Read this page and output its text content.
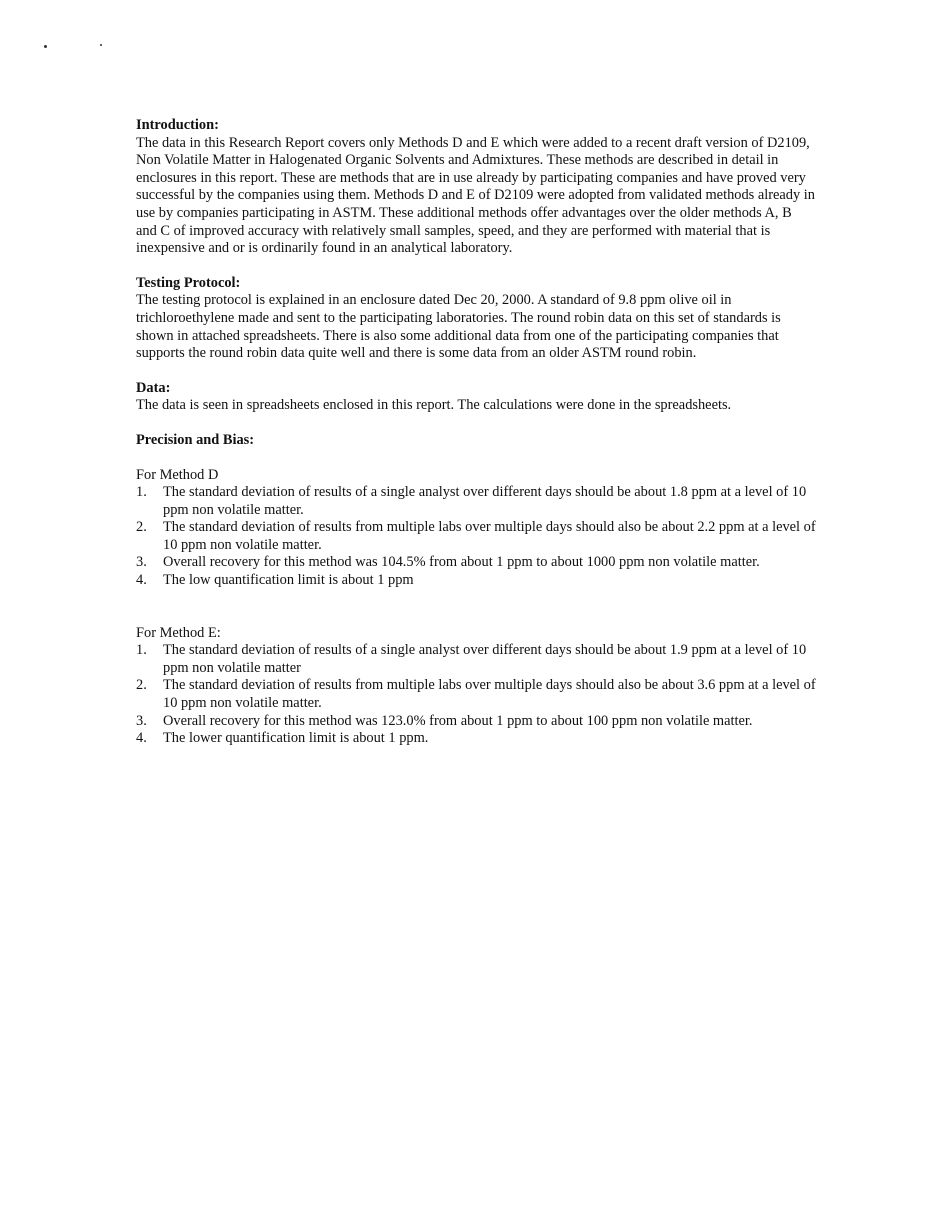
Introduction:

The data in this Research Report covers only Methods D and E which were added to a recent draft version of D2109, Non Volatile Matter in Halogenated Organic Solvents and Admixtures. These methods are described in detail in enclosures in this report. These are methods that are in use already by participating companies and have proved very successful by the companies using them. Methods D and E of D2109 were adopted from validated methods already in use by companies participating in ASTM. These additional methods offer advantages over the older methods A, B and C of improved accuracy with relatively small samples, speed, and they are performed with material that is inexpensive and or is ordinarily found in an analytical laboratory.

Testing Protocol:

The testing protocol is explained in an enclosure dated Dec 20, 2000. A standard of 9.8 ppm olive oil in trichloroethylene made and sent to the participating laboratories. The round robin data on this set of standards is shown in attached spreadsheets. There is also some additional data from one of the participating companies that supports the round robin data quite well and there is some data from an older ASTM round robin.

Data:

The data is seen in spreadsheets enclosed in this report. The calculations were done in the spreadsheets.

Precision and Bias:

For Method D

1.	The standard deviation of results of a single analyst over different days should be about 1.8 ppm at a level of 10 ppm non volatile matter.
2.	The standard deviation of results from multiple labs over multiple days should also be about 2.2 ppm at a level of 10 ppm non volatile matter.
3.	Overall recovery for this method was 104.5% from about 1 ppm to about 1000 ppm non volatile matter.
4.	The low quantification limit is about 1 ppm

For Method E:

1.	The standard deviation of results of a single analyst over different days should be about 1.9 ppm at a level of 10 ppm non volatile matter
2.	The standard deviation of results from multiple labs over multiple days should also be about 3.6 ppm at a level of 10 ppm non volatile matter.
3.	Overall recovery for this method was 123.0% from about 1 ppm to about 100 ppm non volatile matter.
4.	The lower quantification limit is about 1 ppm.
